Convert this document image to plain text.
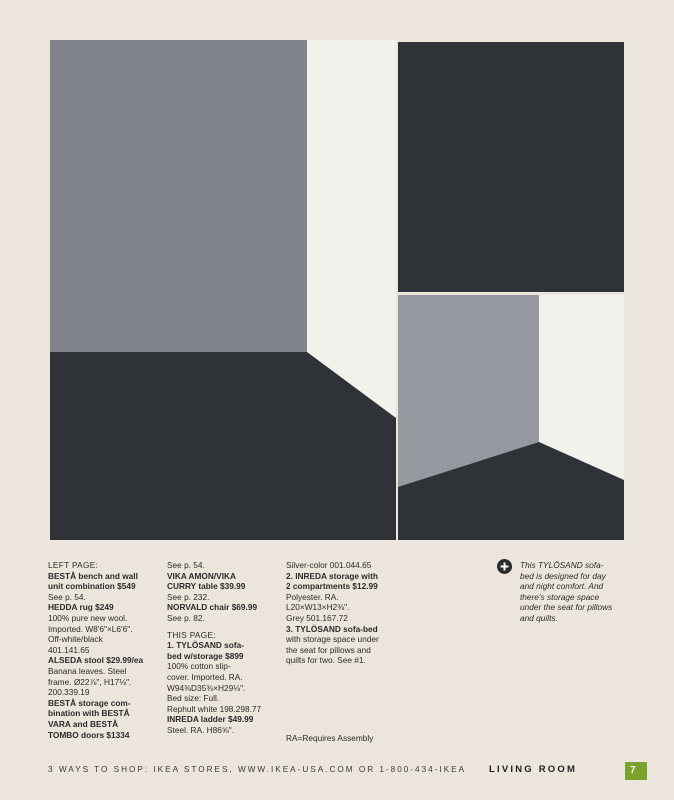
LEFT PAGE:
BESTÅ bench and wall
unit combination $549
See p. 54.
HEDDA rug $249
100% pure new wool.
Imported. W8'6"×L6'6".
Off-white/black
401.141.65
ALSEDA stool $29.99/ea
Banana leaves. Steel
frame. Ø22⅞", H17⅛".
200.339.19
BESTÅ storage com-
bination with BESTÅ
VARA and BESTÅ
TOMBO doors $1334
See p. 54.
VIKA AMON/VIKA
CURRY table $39.99
See p. 232.
NORVALD chair $69.99
See p. 82.
THIS PAGE:
1. TYLÖSAND sofa-
bed w/storage $899
100% cotton slip-
cover. Imported. RA.
W94⅜D35⅜×H29⅛".
Bed size: Full.
Rephult white 198.298.77
INREDA ladder $49.99
Steel. RA. H86⅝".
Silver-color 001.044.65
2. INREDA storage with
2 compartments $12.99
Polyester. RA.
L20×W13×H2⅜".
Grey 501.167.72
3. TYLÖSAND sofa-bed
with storage space under
the seat for pillows and
quilts for two. See #1.
RA=Requires Assembly
This TYLÖSAND sofa-
bed is designed for day
and night comfort. And
there's storage space
under the seat for pillows
and quilts.
3 WAYS TO SHOP: IKEA STORES, WWW.IKEA-USA.COM OR 1-800-434-IKEA LIVING ROOM	7
